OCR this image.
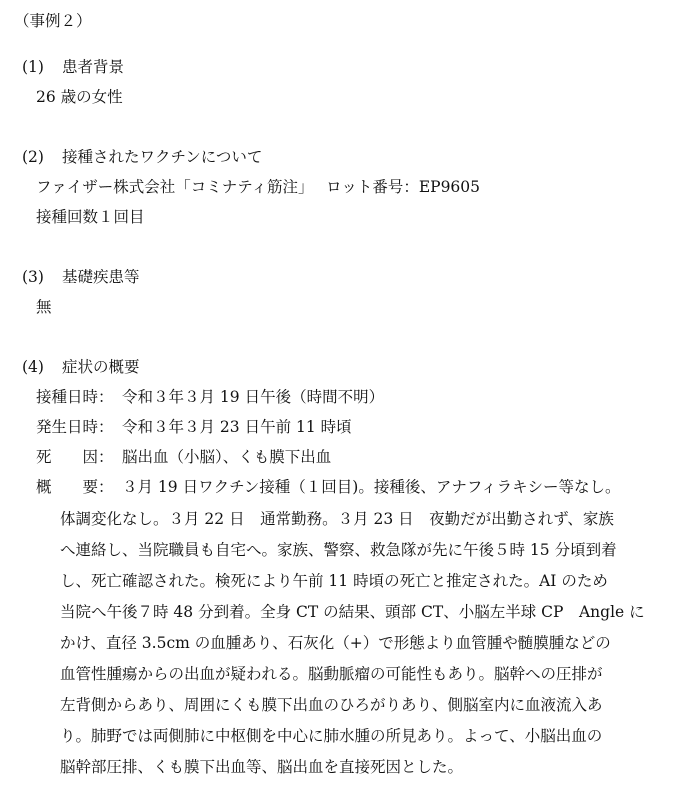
（事例２）
(1) 患者背景
26 歳の女性
(2) 接種されたワクチンについて
ファイザー株式会社「コミナティ筋注」　 ロット番号：EP9605
接種回数１回目
(3) 基礎疾患等
無
(4) 症状の概要
接種日時： 令和３年３月 19 日午後（時間不明）
発生日時： 令和３年３月 23 日午前 11 時頃
死　　因： 脳出血（小脳）、くも膜下出血
概　　要： ３月 19 日ワクチン接種（１回目)。接種後、アナフィラキシー等なし。
体調変化なし。３月 22 日　通常勤務。３月 23 日　夜勤だが出勤されず、家族
へ連絡し、当院職員も自宅へ。家族、警察、救急隊が先に午後５時 15 分頃到着
し、死亡確認された。検死により午前 11 時頃の死亡と推定された。AI のため
当院へ午後７時 48 分到着。全身 CT の結果、頭部 CT、小脳左半球 CP　Angle に
かけ、直径 3.5cm の血腫あり、石灰化（+）で形態より血管腫や髄膜腫などの
血管性腫瘍からの出血が疑われる。脳動脈瘤の可能性もあり。脳幹への圧排が
左背側からあり、周囲にくも膜下出血のひろがりあり、側脳室内に血液流入あ
り。肺野では両側肺に中枢側を中心に肺水腫の所見あり。よって、小脳出血の
脳幹部圧排、くも膜下出血等、脳出血を直接死因とした。
